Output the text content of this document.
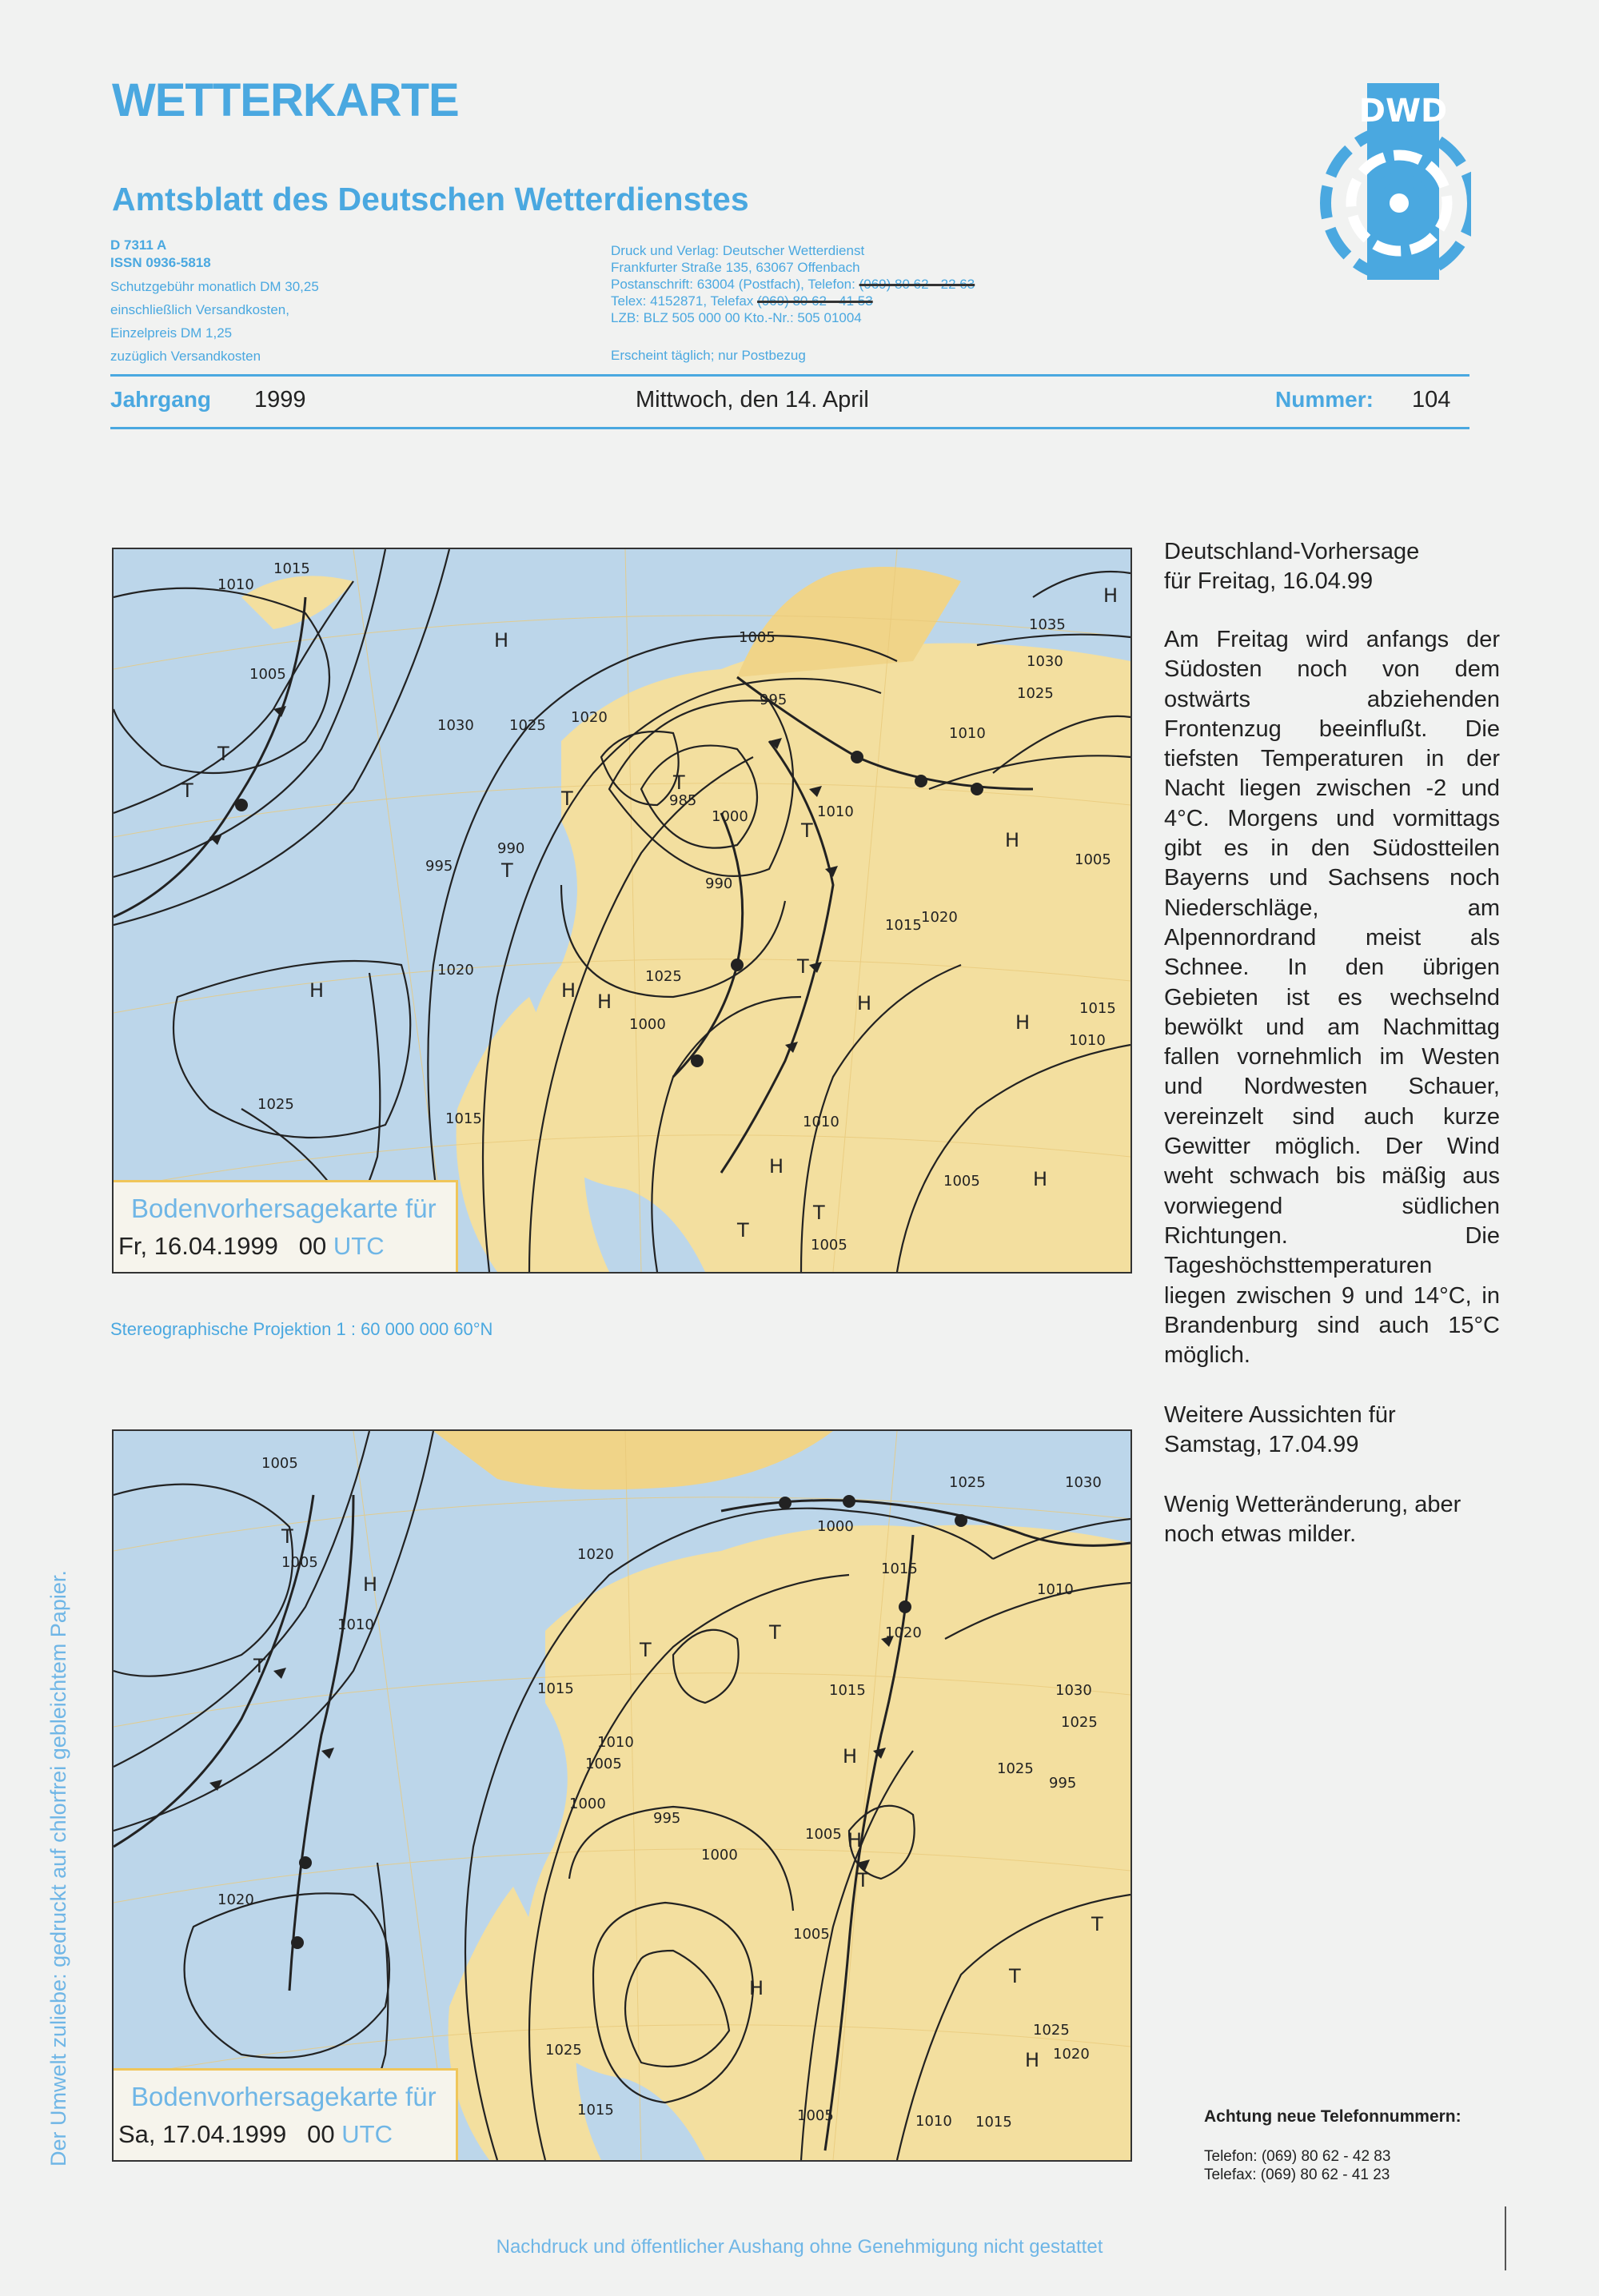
WETTERKARTE
Amtsblatt des Deutschen Wetterdienstes
D 7311 A
ISSN 0936-5818
Schutzgebühr monatlich DM 30,25
einschließlich Versandkosten,
Einzelpreis DM 1,25
zuzüglich Versandkosten
Druck und Verlag: Deutscher Wetterdienst
Frankfurter Straße 135, 63067 Offenbach
Postanschrift: 63004 (Postfach), Telefon: (069) 80 62 - 22 63
Telex: 4152871, Telefax (069) 80 62 - 41 53
LZB: BLZ 505 000 00 Kto.-Nr.: 505 01004
Erscheint täglich; nur Postbezug
DWD
Jahrgang 1999	Mittwoch, den 14. April	Nummer: 104
1015
1010
1005
1035
1030
1025
1030 1025 1020
1005
995
1010
1010
990
1000
985
990
995
1010
1015 1020
1015
1020	1025
1000
1005
1005
1025
1015	1010
1005
H
T
T
H
T	T
T
T	H
H
H
H
T
H
H
T
H
H
T
Bodenvorhersagekarte für
Fr, 16.04.1999 00 UTC
Stereographische Projektion 1 : 60 000 000 60°N
1005
1025	1030
1005
1000
1010
1020
1015
1010
1030
1025
1015
995
1025
1020
1010
1005
1015
1000
1005
995
1000
1005
1020
1025
1025	1020
1015	1005	1010 1015
T
T
H
T
T
H
T
H
T
T
H
H
Bodenvorhersagekarte für
Sa, 17.04.1999 00 UTC
Deutschland-Vorhersage
für Freitag, 16.04.99
Am Freitag wird anfangs der Südosten noch von dem ostwärts abziehenden Frontenzug beeinflußt. Die tiefsten Temperaturen in der Nacht liegen zwischen -2 und 4°C. Morgens und vormittags gibt es in den Südostteilen Bayerns und Sachsens noch Niederschläge, am Alpennordrand meist als Schnee. In den übrigen Gebieten ist es wechselnd bewölkt und am Nachmittag fallen vornehmlich im Westen und Nordwesten Schauer, vereinzelt sind auch kurze Gewitter möglich. Der Wind weht schwach bis mäßig aus vorwiegend südlichen Richtungen. Die Tageshöchsttemperaturen liegen zwischen 9 und 14°C, in Brandenburg sind auch 15°C möglich.
Weitere Aussichten für
Samstag, 17.04.99
Wenig Wetteränderung, aber noch etwas milder.
Achtung neue Telefonnummern:
Telefon: (069) 80 62 - 42 83
Telefax: (069) 80 62 - 41 23
Der Umwelt zuliebe: gedruckt auf chlorfrei gebleichtem Papier.
Nachdruck und öffentlicher Aushang ohne Genehmigung nicht gestattet
